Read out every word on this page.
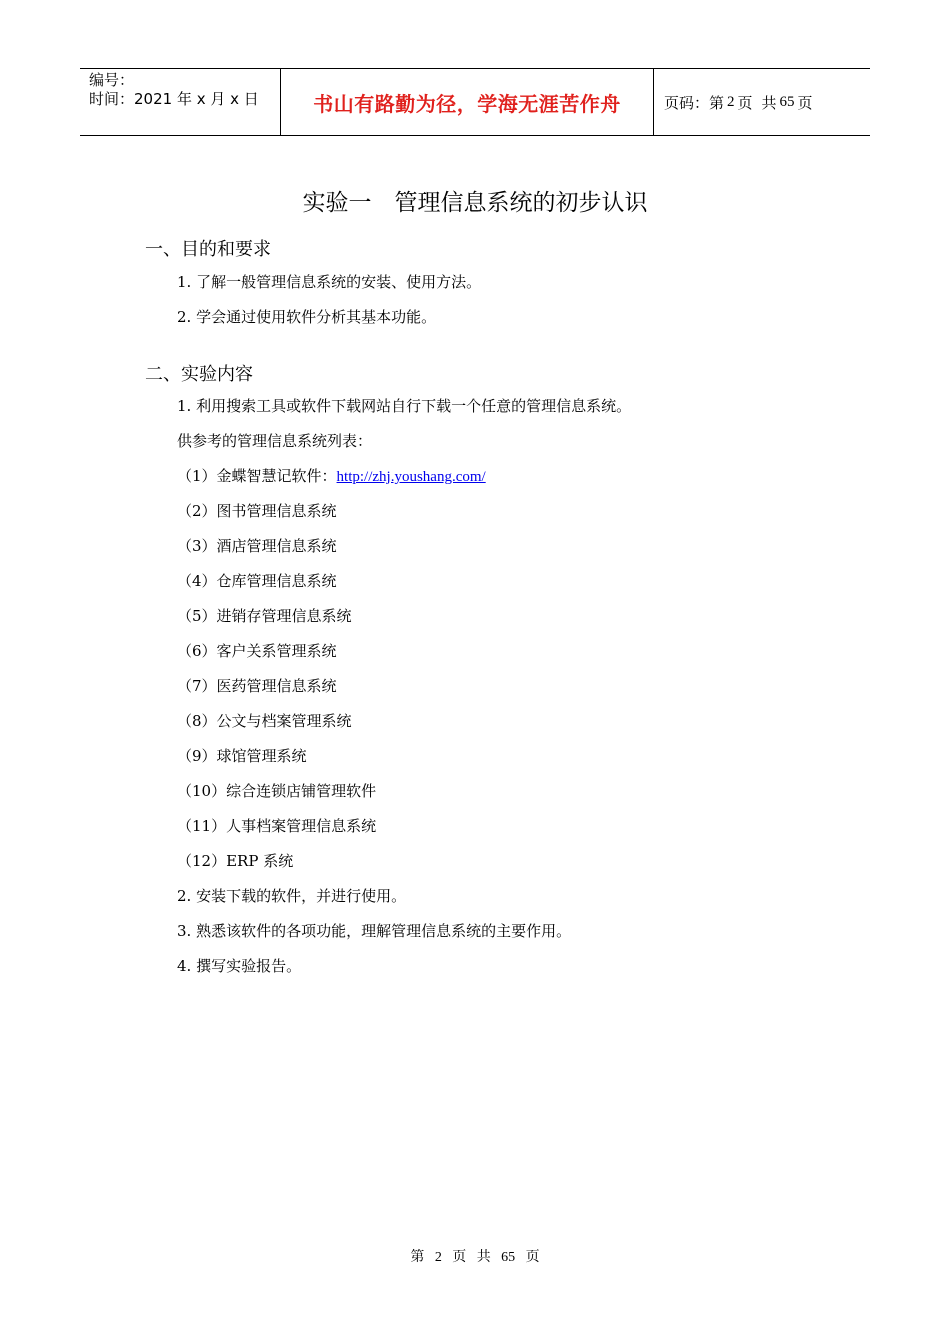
编号：
时间：2021 年 x 月 x 日	书山有路勤为径，学海无涯苦作舟	页码：第 2 页 共 65 页
实验一　管理信息系统的初步认识
一、目的和要求
1. 了解一般管理信息系统的安装、使用方法。
2. 学会通过使用软件分析其基本功能。
二、实验内容
1. 利用搜索工具或软件下载网站自行下载一个任意的管理信息系统。
供参考的管理信息系统列表：
（1）金蝶智慧记软件：http://zhj.youshang.com/
（2）图书管理信息系统
（3）酒店管理信息系统
（4）仓库管理信息系统
（5）进销存管理信息系统
（6）客户关系管理系统
（7）医药管理信息系统
（8）公文与档案管理系统
（9）球馆管理系统
（10）综合连锁店铺管理软件
（11）人事档案管理信息系统
（12）ERP 系统
2. 安装下载的软件，并进行使用。
3. 熟悉该软件的各项功能，理解管理信息系统的主要作用。
4. 撰写实验报告。
第 2 页 共 65 页
